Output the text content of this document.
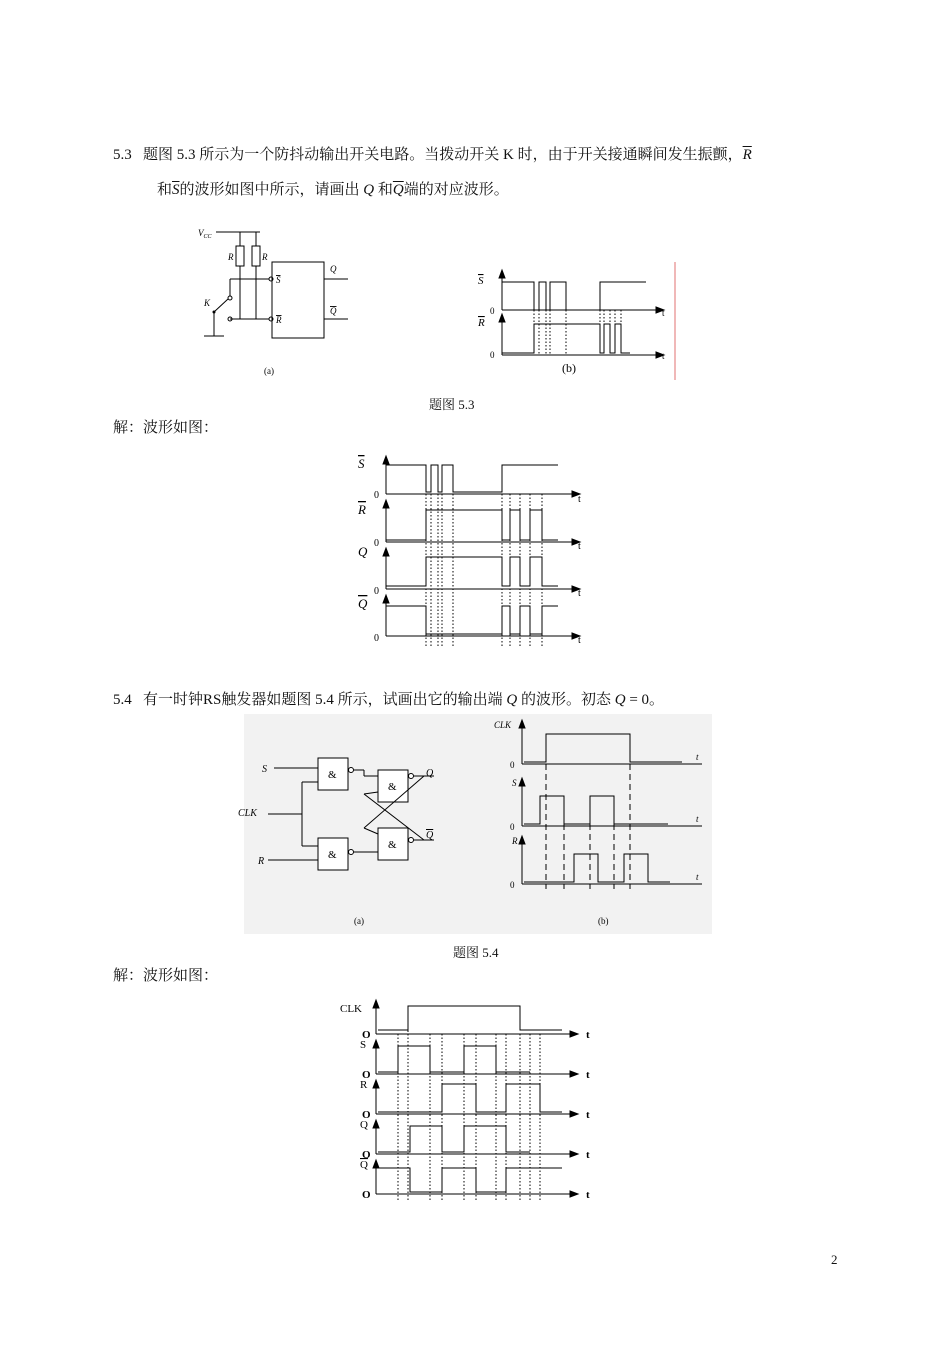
5.3 题图 5.3 所示为一个防抖动输出开关电路。当拨动开关 K 时，由于开关接通瞬间发生振颤，$\overline{R}$
和$\overline{S}$的波形如图中所示，请画出 Q 和$\overline{Q}$端的对应波形。
$V_{CC}$
R	R
S
R
Q
Q
K
(a)
S
R
0
0
t
t
(b)
题图 5.3
解：波形如图：
S
R
Q
Q
0
0
0
0
t
t
t
t
5.4 有一时钟RS触发器如题图 5.4 所示，试画出它的输出端 Q 的波形。初态 Q = 0。
&
&
&
&
S
CLK
R
Q
Q
(a)	(b)
CLK
S
R
0
0
0
t
t
t
题图 5.4
解：波形如图：
CLK
S
R
Q
Q
O
O
O
O
O
t
t
t
t
t
2
